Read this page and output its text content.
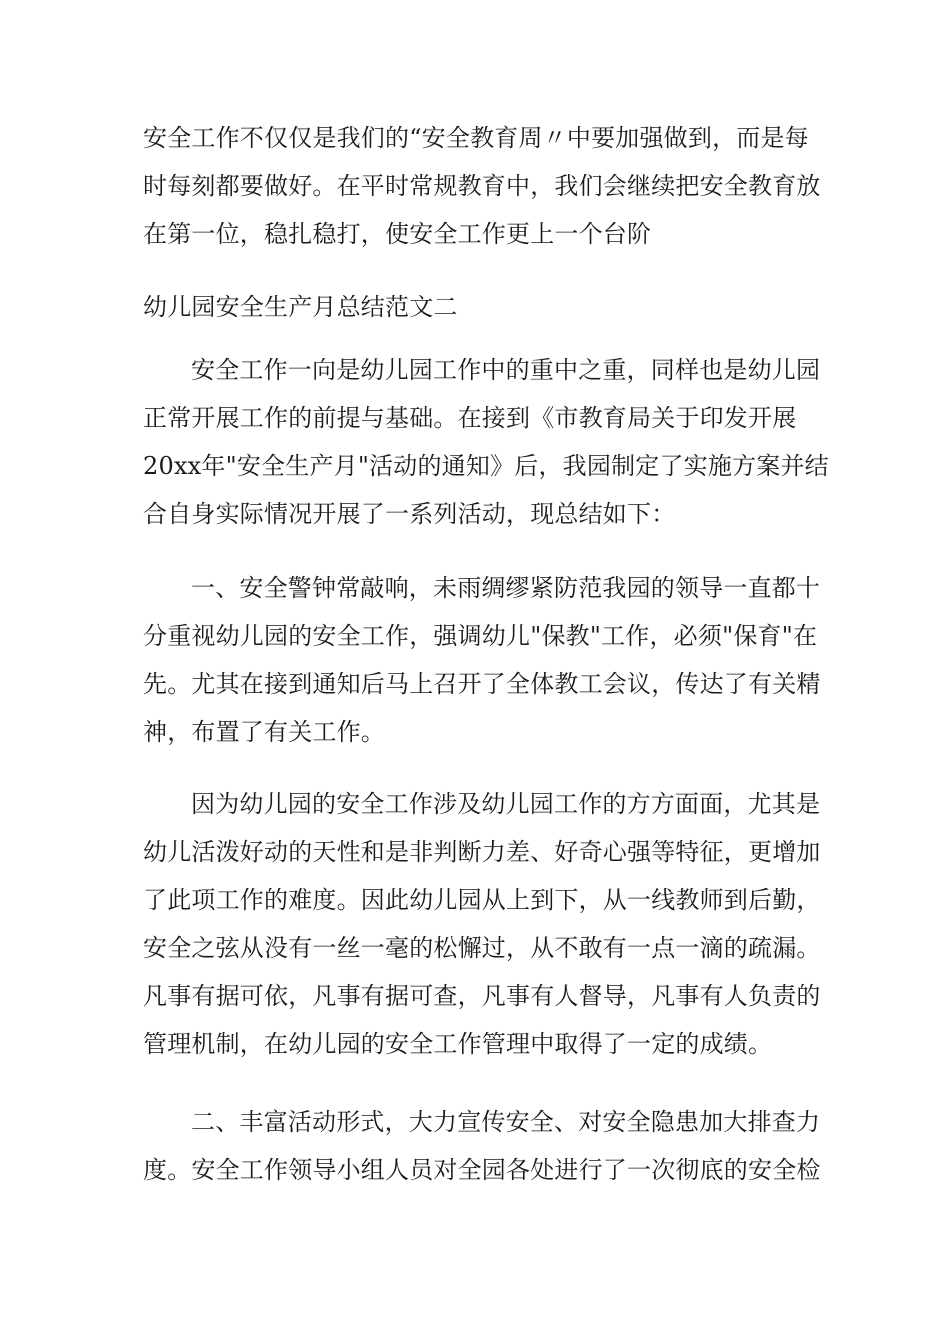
安全工作不仅仅是我们的“安全教育周〃中要加强做到，而是每
时每刻都要做好。在平时常规教育中，我们会继续把安全教育放
在第一位，稳扎稳打，使安全工作更上一个台阶

幼儿园安全生产月总结范文二

安全工作一向是幼儿园工作中的重中之重，同样也是幼儿园
正常开展工作的前提与基础。在接到《市教育局关于印发开展
20xx年"安全生产月"活动的通知》后，我园制定了实施方案并结
合自身实际情况开展了一系列活动，现总结如下：

一、安全警钟常敲响，未雨绸缪紧防范我园的领导一直都十
分重视幼儿园的安全工作，强调幼儿"保教"工作，必须"保育"在
先。尤其在接到通知后马上召开了全体教工会议，传达了有关精
神，布置了有关工作。

因为幼儿园的安全工作涉及幼儿园工作的方方面面，尤其是
幼儿活泼好动的天性和是非判断力差、好奇心强等特征，更增加
了此项工作的难度。因此幼儿园从上到下，从一线教师到后勤，
安全之弦从没有一丝一毫的松懈过，从不敢有一点一滴的疏漏。
凡事有据可依，凡事有据可查，凡事有人督导，凡事有人负责的
管理机制，在幼儿园的安全工作管理中取得了一定的成绩。

二、丰富活动形式，大力宣传安全、对安全隐患加大排查力
度。安全工作领导小组人员对全园各处进行了一次彻底的安全检
